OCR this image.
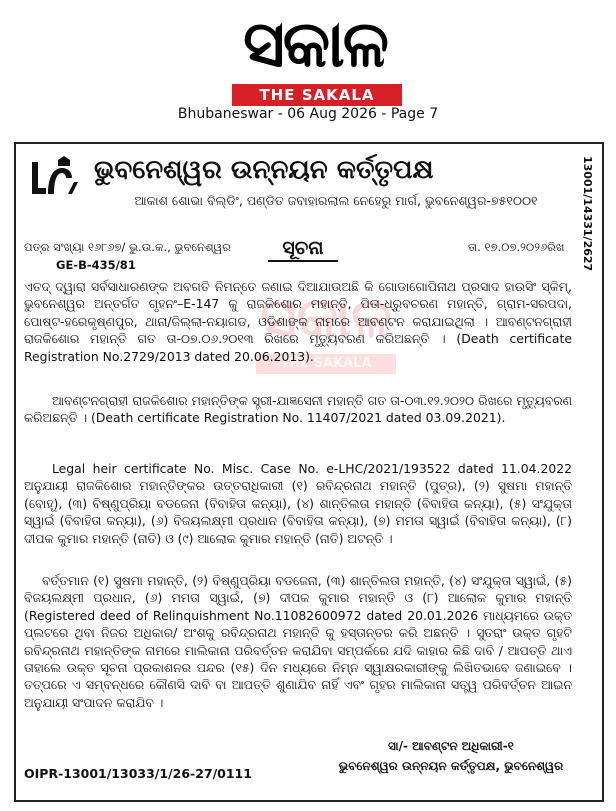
ସକାଳ
THE SAKALA
Bhubaneswar - 06 Aug 2026 - Page 7
ସକାଳ
THE SAKALA
ଭୁବନେଶ୍ୱର ଉନ୍ନୟନ କର୍ତ୍ତୃପକ୍ଷ
ଆକାଶ ଶୋଭା ବିଲ୍ଡିଂ, ପଣ୍ଡିତ ଜବାହାରଲାଲ ନେହେରୁ ମାର୍ଗ, ଭୁବନେଶ୍ୱର-୭୫୧୦୦୧	13001/14331/2627
ପତ୍ର ସଂଖ୍ୟା ୧୬୮୬୭/ ଭୁ.ଉ.କ., ଭୁବନେଶ୍ୱର
GE-B-435/81
ସୂଚନା	ତା. ୧୭.୦୭.୨୦୨୬ରିଖ

ଏତଦ୍ ଦ୍ୱାରା ସର୍ବସାଧାରଣଙ୍କ ଅବଗତି ନିମନ୍ତେ ଜଣାଇ ଦିଆଯାଉଅଛି କି ଗୋଡାଗୋପିନାଥ ପ୍ରସାଦ ହାଉସିଂ ସ୍କିମ୍, ଭୁବନେଶ୍ୱର ଅନ୍ତର୍ଗତ ଗୃହନଂ–E-147 କୁ ରାଜକିଶୋର ମହାନ୍ତି, ପିତା-ଧ୍ରୁବଚରଣ ମହାନ୍ତି, ଗ୍ରାମ-ସରପଦା, ପୋଷ୍ଟ-ହରେକୃଷ୍ଣପୁର, ଥାନା/ଜିଲ୍ଲା-ନୟାଗଡ, ଓଡିଶାଙ୍କ ନାମରେ ଆବଣ୍ଟନ କରାଯାଇଥିଲା । ଆବଣ୍ଟନଗ୍ରାହୀ ରାଜକିଶୋର ମହାନ୍ତି ଗତ ତା-୦୭.୦୬.୨୦୧୩ ରିଖରେ ମୃତ୍ୟୁବରଣ କରିଅଛନ୍ତି । (Death certificate Registration No.2729/2013 dated 20.06.2013).

ଆବଣ୍ଟନଗ୍ରାହୀ ରାଜକିଶୋର ମହାନ୍ତିଙ୍କ ସ୍ତ୍ରୀ-ଯାଜ୍ଞସେନୀ ମହାନ୍ତି ଗତ ତା-୦୩.୧୨.୨୦୨୦ ରିଖରେ ମୃତ୍ୟୁବରଣ କରିଅଛନ୍ତି । (Death certificate Registration No. 11407/2021 dated 03.09.2021).

Legal heir certificate No. Misc. Case No. e-LHC/2021/193522 dated 11.04.2022 ଅନୁଯାୟୀ ରାଜକିଶୋର ମହାନ୍ତିଙ୍କର ଉତ୍ତରାଧିକାରୀ (୧) ରବିନ୍ଦ୍ରନାଥ ମହାନ୍ତି (ପୁତ୍ର), (୨) ସୁଷମା ମହାନ୍ତି (ବୋହୂ), (୩) ବିଷ୍ଣୁପ୍ରିୟା ବଡଜେନା (ବିବାହିତା କନ୍ୟା), (୪) ଶାନ୍ତିଲତା ମହାନ୍ତି (ବିବାହିତା କନ୍ୟା), (୫) ସଂଯୁକ୍ତା ସ୍ୱାଇଁ (ବିବାହିତା କନ୍ୟା), (୬) ବିଜୟଲକ୍ଷ୍ମୀ ପ୍ରଧାନ (ବିବାହିତା କନ୍ୟା), (୭) ମମତା ସ୍ୱାଇଁ (ବିବାହିତା କନ୍ୟା), (୮) ଦୀପକ କୁମାର ମହାନ୍ତି (ନାତି) ଓ (୯) ଆଲୋକ କୁମାର ମହାନ୍ତି (ନାତି) ଅଟନ୍ତି ।

ବର୍ତ୍ତମାନ (୧) ସୁଷମା ମହାନ୍ତି, (୨) ବିଷ୍ଣୁପ୍ରିୟା ବଡଜେନା, (୩) ଶାନ୍ତିଲତା ମହାନ୍ତି, (୪) ସଂଯୁକ୍ତା ସ୍ୱାଇଁ, (୫) ବିଜୟଲକ୍ଷ୍ମୀ ପ୍ରଧାନ, (୬) ମମତା ସ୍ୱାଇଁ, (୭) ଦୀପକ କୁମାର ମହାନ୍ତି ଓ (୮) ଆଲୋକ କୁମାର ମହାନ୍ତି (Registered deed of Relinquishment No.11082600972 dated 20.01.2026 ମାଧ୍ୟମରେ ଉକ୍ତ ପ୍ଲଟରେ ଥିବା ନିଜର ଅଧିକାର/ ଅଂଶକୁ ରବିନ୍ଦ୍ରନାଥ ମହାନ୍ତି କୁ ହସ୍ତାନ୍ତର କରି ଅଛନ୍ତି । ସୁତରାଂ ଉକ୍ତ ଗୃହଟି ରବିନ୍ଦ୍ରନାଥ ମହାନ୍ତିଙ୍କ ନାମରେ ମାଲିକାନା ପରିବର୍ତ୍ତନ କରାଯିବା ସମ୍ପର୍କରେ ଯଦି କାହାର କିଛି ଦାବି / ଆପତ୍ତି ଥାଏ ତାହାଲେ ଉକ୍ତ ସୂଚନା ପ୍ରକାଶନର ପନ୍ଦର (୧୫) ଦିନ ମଧ୍ୟରେ ନିମ୍ନ ସ୍ୱାକ୍ଷରକାରୀଙ୍କୁ ଲିଖିତଭାବେ ଜଣାଇବେ । ତତ୍ପରେ ଏ ସମ୍ବନ୍ଧରେ କୌଣସି ଦାବି ବା ଆପତ୍ତି ଶୁଣାଯିବ ନାହିଁ ଏବଂ ଗୃହର ମାଲିକାନା ସତ୍ତ୍ୱ ପରିବର୍ତ୍ତନ ଆଇନ ଅନୁଯାୟୀ ସଂପାଦନ କରାଯିବ ।

ସା/- ଆବଣ୍ଟନ ଅଧିକାରୀ-୧
ଭୁବନେଶ୍ୱର ଉନ୍ନୟନ କର୍ତ୍ତୃପକ୍ଷ, ଭୁବନେଶ୍ୱର
OIPR-13001/13033/1/26-27/0111
